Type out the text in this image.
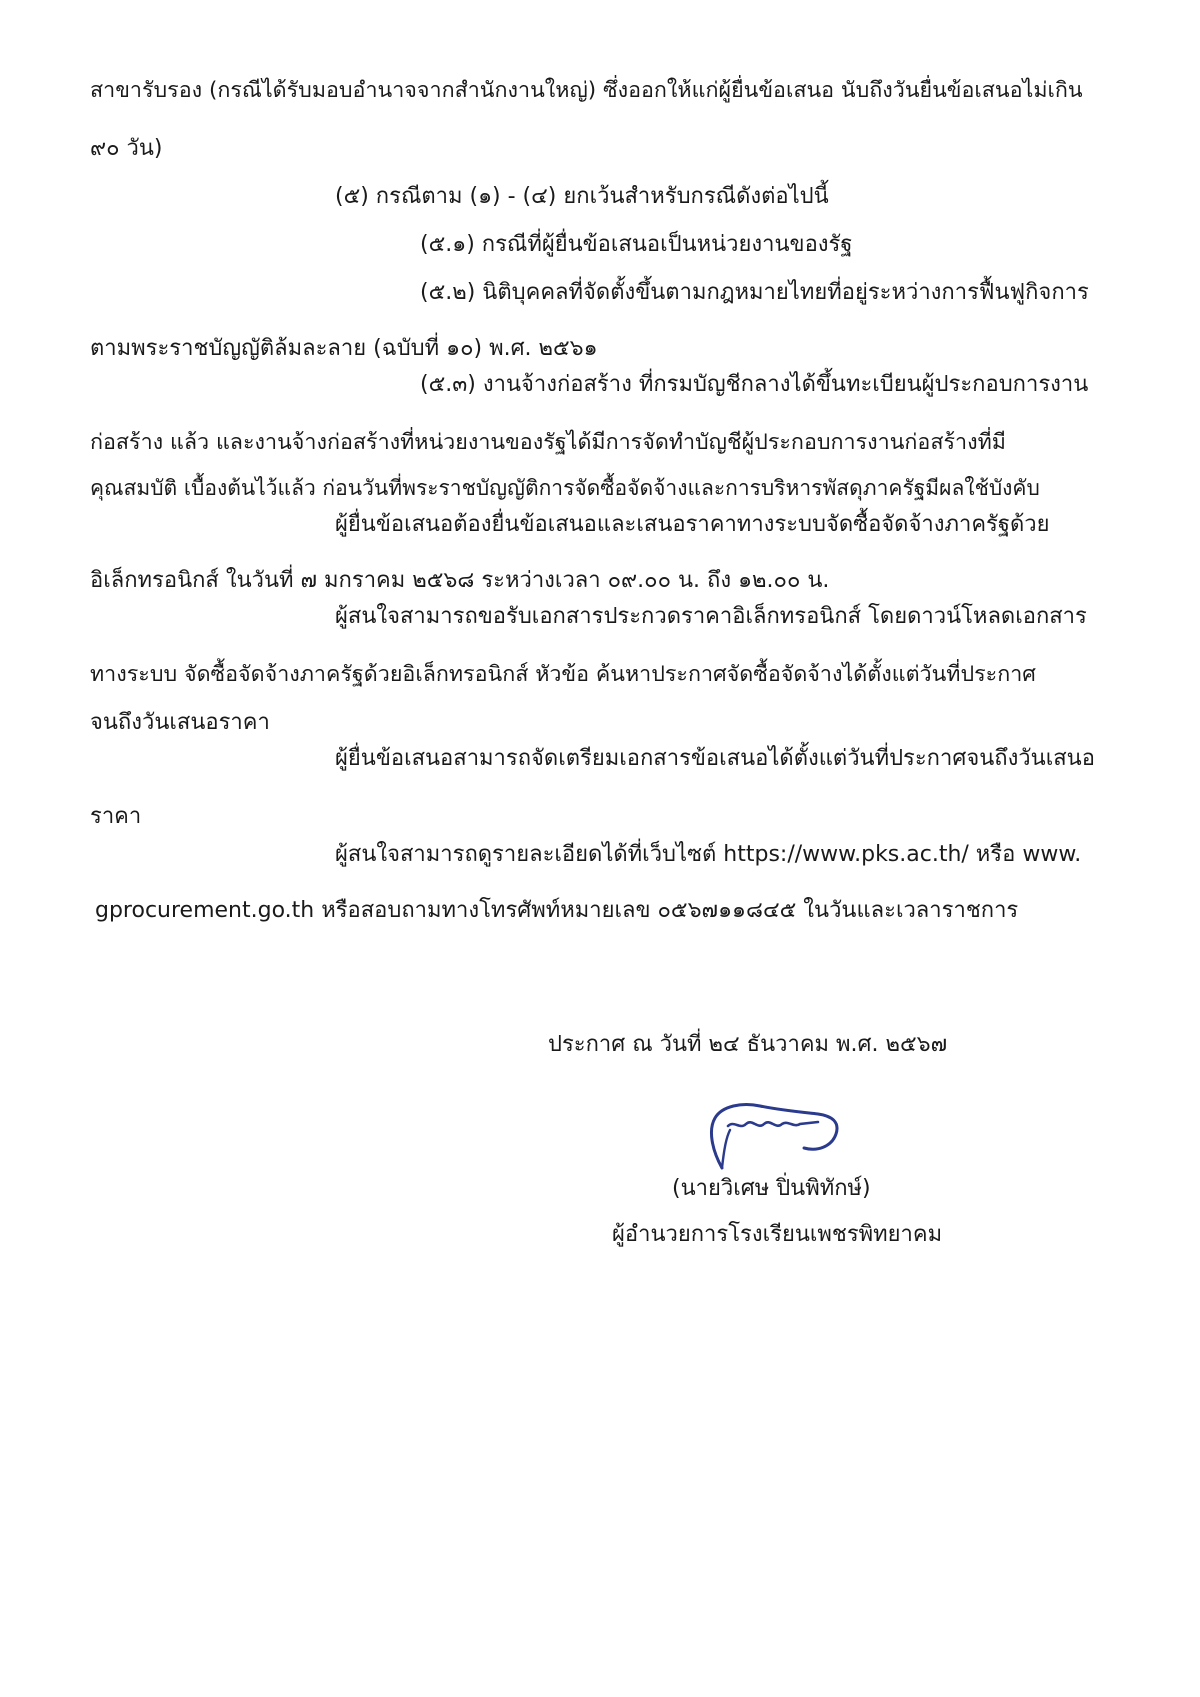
สาขารับรอง (กรณีได้รับมอบอำนาจจากสำนักงานใหญ่) ซึ่งออกให้แก่ผู้ยื่นข้อเสนอ นับถึงวันยื่นข้อเสนอไม่เกิน
๙๐ วัน)
(๕) กรณีตาม (๑) - (๔) ยกเว้นสำหรับกรณีดังต่อไปนี้
(๕.๑) กรณีที่ผู้ยื่นข้อเสนอเป็นหน่วยงานของรัฐ
(๕.๒) นิติบุคคลที่จัดตั้งขึ้นตามกฎหมายไทยที่อยู่ระหว่างการฟื้นฟูกิจการ
ตามพระราชบัญญัติล้มละลาย (ฉบับที่ ๑๐) พ.ศ. ๒๕๖๑
(๕.๓) งานจ้างก่อสร้าง ที่กรมบัญชีกลางได้ขึ้นทะเบียนผู้ประกอบการงาน
ก่อสร้าง แล้ว และงานจ้างก่อสร้างที่หน่วยงานของรัฐได้มีการจัดทำบัญชีผู้ประกอบการงานก่อสร้างที่มี
คุณสมบัติ เบื้องต้นไว้แล้ว ก่อนวันที่พระราชบัญญัติการจัดซื้อจัดจ้างและการบริหารพัสดุภาครัฐมีผลใช้บังคับ
ผู้ยื่นข้อเสนอต้องยื่นข้อเสนอและเสนอราคาทางระบบจัดซื้อจัดจ้างภาครัฐด้วย
อิเล็กทรอนิกส์ ในวันที่ ๗ มกราคม ๒๕๖๘ ระหว่างเวลา ๐๙.๐๐ น. ถึง ๑๒.๐๐ น.
ผู้สนใจสามารถขอรับเอกสารประกวดราคาอิเล็กทรอนิกส์ โดยดาวน์โหลดเอกสาร
ทางระบบ จัดซื้อจัดจ้างภาครัฐด้วยอิเล็กทรอนิกส์ หัวข้อ ค้นหาประกาศจัดซื้อจัดจ้างได้ตั้งแต่วันที่ประกาศ
จนถึงวันเสนอราคา
ผู้ยื่นข้อเสนอสามารถจัดเตรียมเอกสารข้อเสนอได้ตั้งแต่วันที่ประกาศจนถึงวันเสนอ
ราคา
ผู้สนใจสามารถดูรายละเอียดได้ที่เว็บไซต์ https://www.pks.ac.th/ หรือ www.
gprocurement.go.th หรือสอบถามทางโทรศัพท์หมายเลข ๐๕๖๗๑๑๘๔๕ ในวันและเวลาราชการ
ประกาศ ณ วันที่ ๒๔ ธันวาคม พ.ศ. ๒๕๖๗
(นายวิเศษ ปิ่นพิทักษ์)
ผู้อำนวยการโรงเรียนเพชรพิทยาคม
